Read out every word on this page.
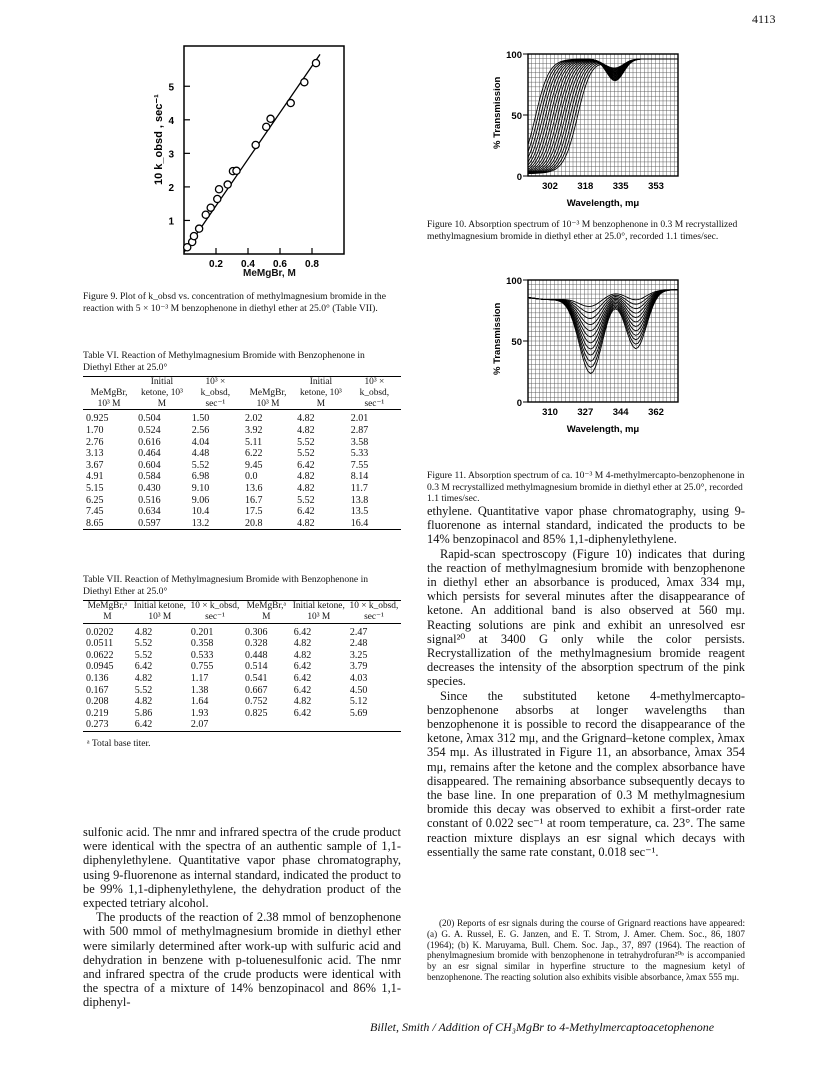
4113
1
2
3
4
5
0.2 0.4 0.6 0.8
10 k_obsd , sec⁻¹
MeMgBr, M
Figure 9. Plot of k_obsd vs. concentration of methylmagnesium bromide in the reaction with 5 × 10⁻³ M benzophenone in diethyl ether at 25.0° (Table VII).
Table VI. Reaction of Methylmagnesium Bromide with Benzophenone in Diethyl Ether at 25.0°
MeMgBr, 10³ M	Initial ketone, 10³ M	10³ × k_obsd, sec⁻¹	MeMgBr, 10³ M	Initial ketone, 10³ M	10³ × k_obsd, sec⁻¹
0.925	0.504	1.50	2.02	4.82	2.01
1.70	0.524	2.56	3.92	4.82	2.87
2.76	0.616	4.04	5.11	5.52	3.58
3.13	0.464	4.48	6.22	5.52	5.33
3.67	0.604	5.52	9.45	6.42	7.55
4.91	0.584	6.98	0.0	4.82	8.14
5.15	0.430	9.10	13.6	4.82	11.7
6.25	0.516	9.06	16.7	5.52	13.8
7.45	0.634	10.4	17.5	6.42	13.5
8.65	0.597	13.2	20.8	4.82	16.4
Table VII. Reaction of Methylmagnesium Bromide with Benzophenone in Diethyl Ether at 25.0°
MeMgBr,ᵃ M	Initial ketone, 10³ M	10 × k_obsd, sec⁻¹	MeMgBr,ᵃ M	Initial ketone, 10³ M	10 × k_obsd, sec⁻¹
0.0202	4.82	0.201	0.306	6.42	2.47
0.0511	5.52	0.358	0.328	4.82	2.48
0.0622	5.52	0.533	0.448	4.82	3.25
0.0945	6.42	0.755	0.514	6.42	3.79
0.136	4.82	1.17	0.541	6.42	4.03
0.167	5.52	1.38	0.667	6.42	4.50
0.208	4.82	1.64	0.752	4.82	5.12
0.219	5.86	1.93	0.825	6.42	5.69
0.273	6.42	2.07			
ᵃ Total base titer.

sulfonic acid. The nmr and infrared spectra of the crude product were identical with the spectra of an authentic sample of 1,1-diphenylethylene. Quantitative vapor phase chromatography, using 9-fluorenone as internal standard, indicated the product to be 99% 1,1-diphenylethylene, the dehydration product of the expected tetriary alcohol.

The products of the reaction of 2.38 mmol of benzophenone with 500 mmol of methylmagnesium bromide in diethyl ether were similarly determined after work-up with sulfuric acid and dehydration in benzene with p-toluenesulfonic acid. The nmr and infrared spectra of the crude products were identical with the spectra of a mixture of 14% benzopinacol and 86% 1,1-diphenyl-

0
50
100
302 318 335 353
Wavelength, mμ
% Transmission
Figure 10. Absorption spectrum of 10⁻³ M benzophenone in 0.3 M recrystallized methylmagnesium bromide in diethyl ether at 25.0°, recorded 1.1 times/sec.
0
50
100
310 327 344 362
Wavelength, mμ
% Transmission
Figure 11. Absorption spectrum of ca. 10⁻³ M 4-methylmercapto-benzophenone in 0.3 M recrystallized methylmagnesium bromide in diethyl ether at 25.0°, recorded 1.1 times/sec.

ethylene. Quantitative vapor phase chromatography, using 9-fluorenone as internal standard, indicated the products to be 14% benzopinacol and 85% 1,1-diphenylethylene.

Rapid-scan spectroscopy (Figure 10) indicates that during the reaction of methylmagnesium bromide with benzophenone in diethyl ether an absorbance is produced, λmax 334 mμ, which persists for several minutes after the disappearance of ketone. An additional band is also observed at 560 mμ. Reacting solutions are pink and exhibit an unresolved esr signal²⁰ at 3400 G only while the color persists. Recrystallization of the methylmagnesium bromide reagent decreases the intensity of the absorption spectrum of the pink species.

Since the substituted ketone 4-methylmercapto-benzophenone absorbs at longer wavelengths than benzophenone it is possible to record the disappearance of the ketone, λmax 312 mμ, and the Grignard–ketone complex, λmax 354 mμ. As illustrated in Figure 11, an absorbance, λmax 354 mμ, remains after the ketone and the complex absorbance have disappeared. The remaining absorbance subsequently decays to the base line. In one preparation of 0.3 M methylmagnesium bromide this decay was observed to exhibit a first-order rate constant of 0.022 sec⁻¹ at room temperature, ca. 23°. The same reaction mixture displays an esr signal which decays with essentially the same rate constant, 0.018 sec⁻¹.

(20) Reports of esr signals during the course of Grignard reactions have appeared: (a) G. A. Russel, E. G. Janzen, and E. T. Strom, J. Amer. Chem. Soc., 86, 1807 (1964); (b) K. Maruyama, Bull. Chem. Soc. Jap., 37, 897 (1964). The reaction of phenylmagnesium bromide with benzophenone in tetrahydrofuran²⁰ᵇ is accompanied by an esr signal similar in hyperfine structure to the magnesium ketyl of benzophenone. The reacting solution also exhibits visible absorbance, λmax 555 mμ.
Billet, Smith / Addition of CH₃MgBr to 4-Methylmercaptoacetophenone
